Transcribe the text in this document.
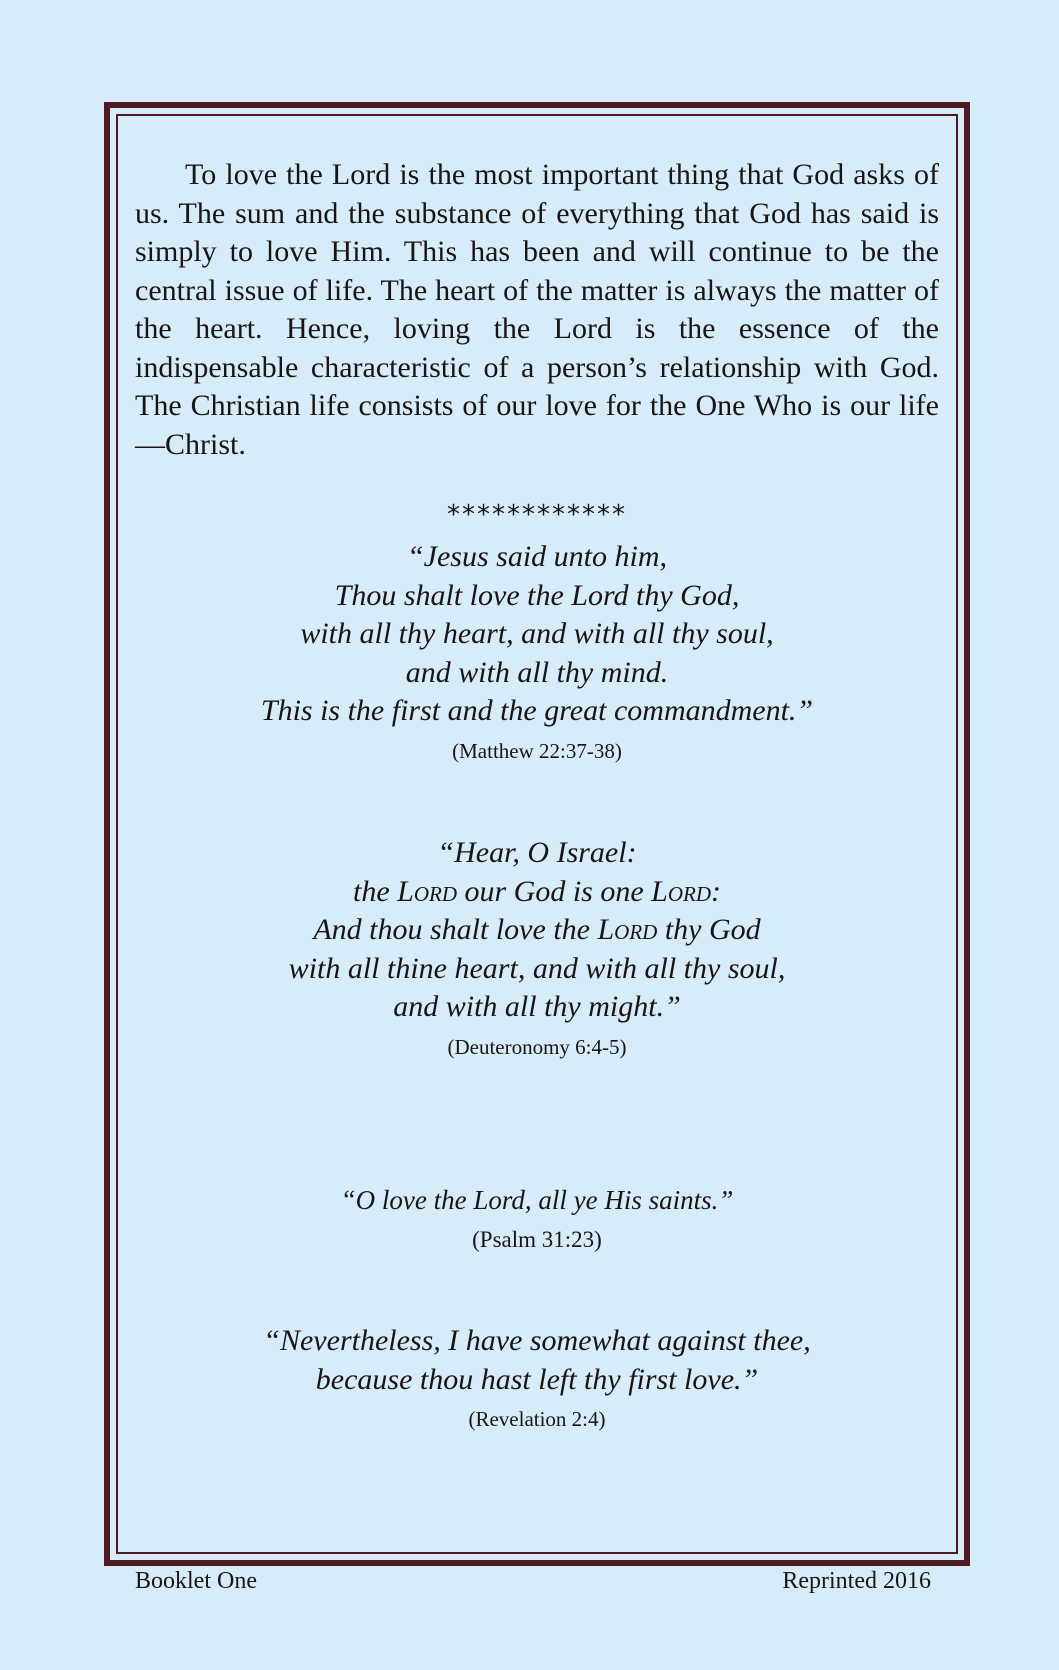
To love the Lord is the most important thing that God asks of us. The sum and the substance of everything that God has said is simply to love Him. This has been and will continue to be the central issue of life. The heart of the matter is always the matter of the heart. Hence, loving the Lord is the essence of the indispensable characteristic of a person’s relationship with God. The Christian life consists of our love for the One Who is our life—Christ.

************
“Jesus said unto him,
Thou shalt love the Lord thy God,
with all thy heart, and with all thy soul,
and with all thy mind.
This is the first and the great commandment.”
(Matthew 22:37-38)
“Hear, O Israel:
the Lord our God is one Lord:
And thou shalt love the Lord thy God
with all thine heart, and with all thy soul,
and with all thy might.”
(Deuteronomy 6:4-5)
“O love the Lord, all ye His saints.”
(Psalm 31:23)
“Nevertheless, I have somewhat against thee,
because thou hast left thy first love.”
(Revelation 2:4)
Booklet One	Reprinted 2016
